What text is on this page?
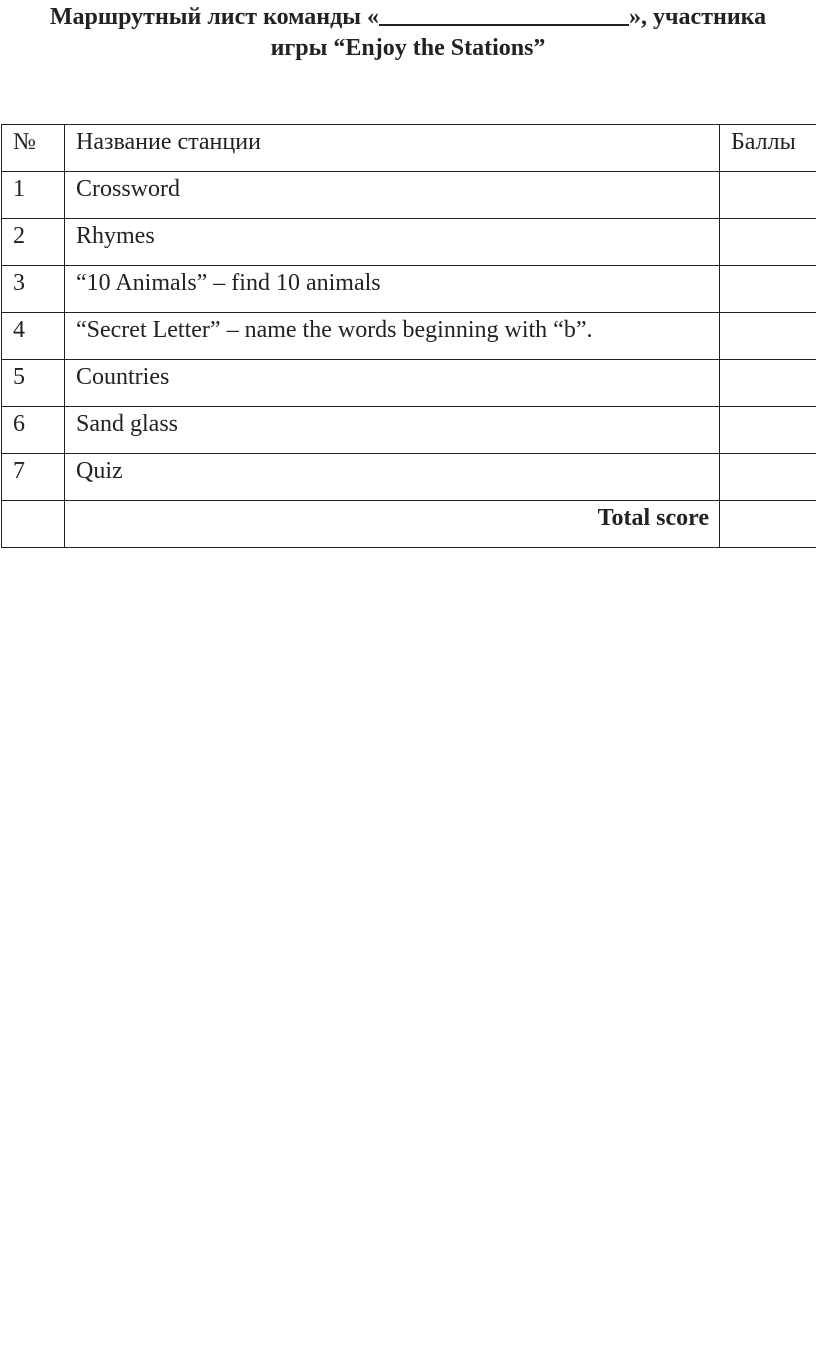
Маршрутный лист команды «	», участника
игры “Enjoy the Stations”
№	Название станции	Баллы
1	Crossword	
2	Rhymes	
3	“10 Animals” – find 10 animals	
4	“Secret Letter” – name the words beginning with “b”.	
5	Countries	
6	Sand glass	
7	Quiz	
	Total score	
